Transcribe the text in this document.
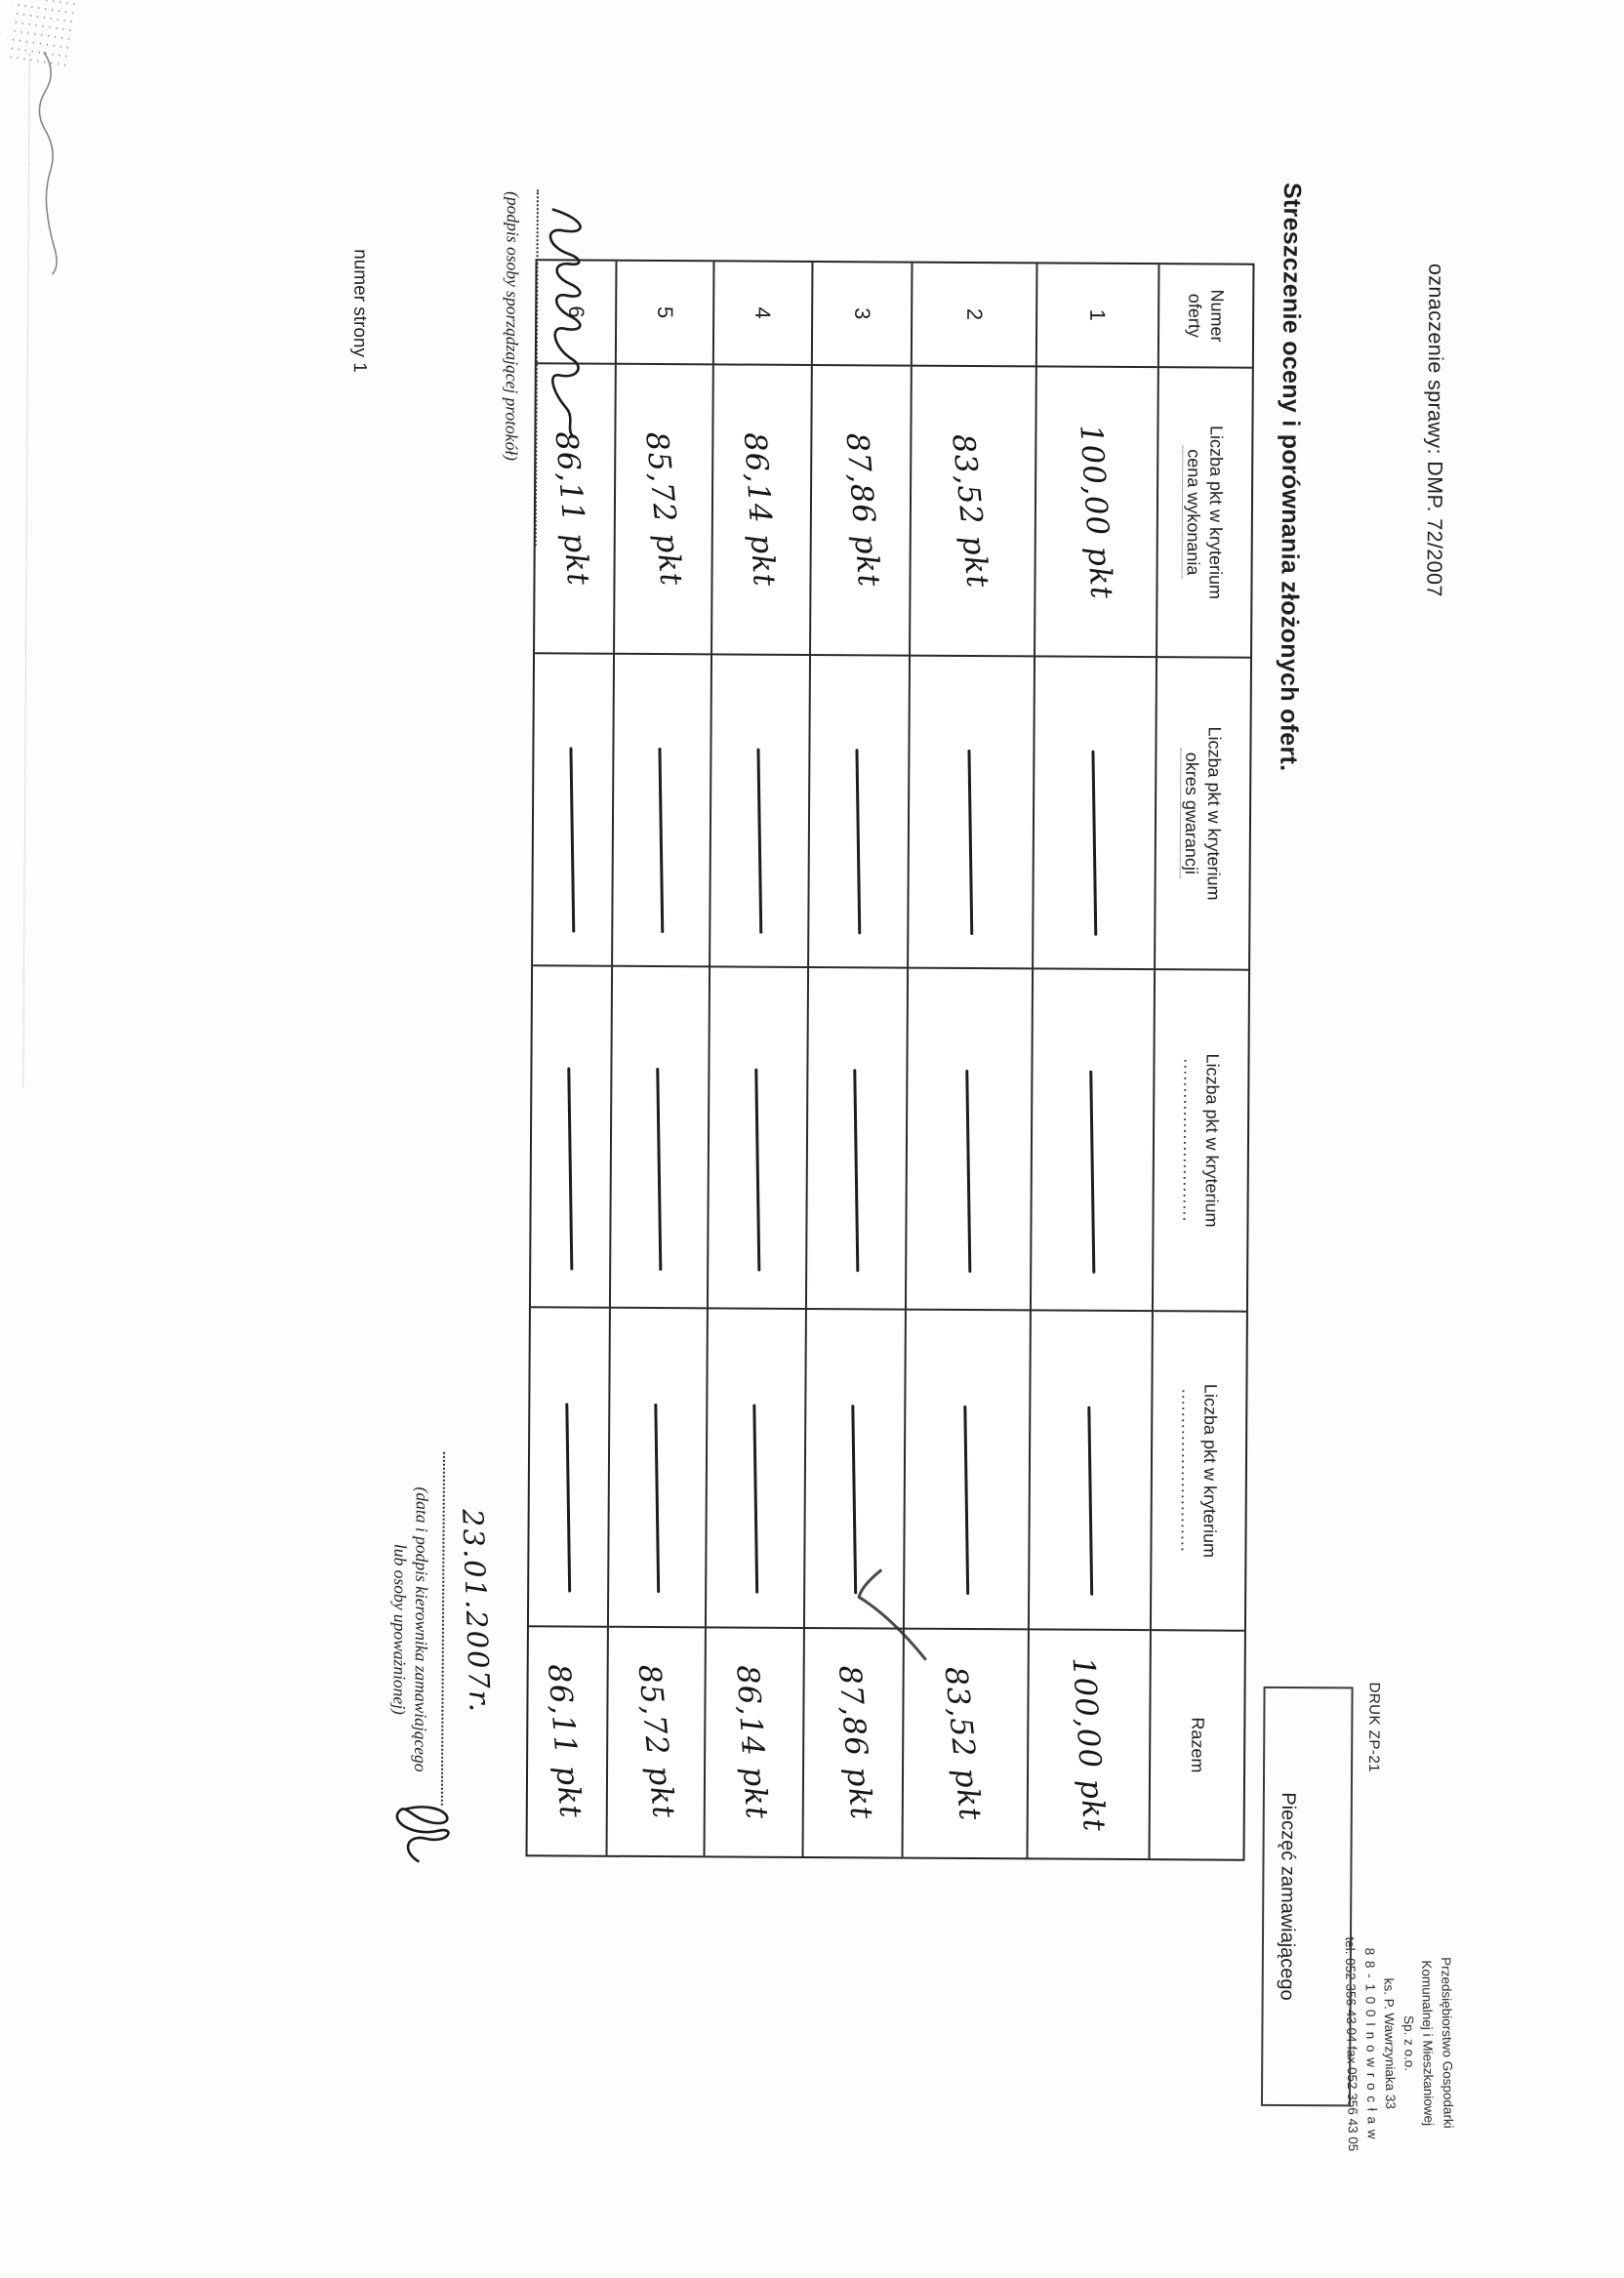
oznaczenie sprawy: DMP. 72/2007
Przedsiębiorstwo Gospodarki
Komunalnej i Mieszkaniowej
Sp. z o.o.
ks. P. Wawrzyniaka 33
8 8 - 1 0 0 I n o w r o c ł a w
tel. 052 356 43 04 fax 052 356 43 05
DRUK ZP-21
Pieczęć zamawiającego
Streszczenie oceny i porównania złożonych ofert.
Numer
oferty
Liczba pkt w kryterium
cena wykonania
Liczba pkt w kryterium
okres gwarancji
Liczba pkt w kryterium
............................
Liczba pkt w kryterium
............................
Razem
1
100,00 pkt
100,00 pkt
2
83,52 pkt
83,52 pkt
3
87,86 pkt
87,86 pkt
4
86,14 pkt
86,14 pkt
5
85,72 pkt
85,72 pkt
6
86,11 pkt
86,11 pkt
(podpis osoby sporządzającej protokół)
23.01.2007r.
(data i podpis kierownika zamawiającego
lub osoby upoważnionej)
numer strony 1
